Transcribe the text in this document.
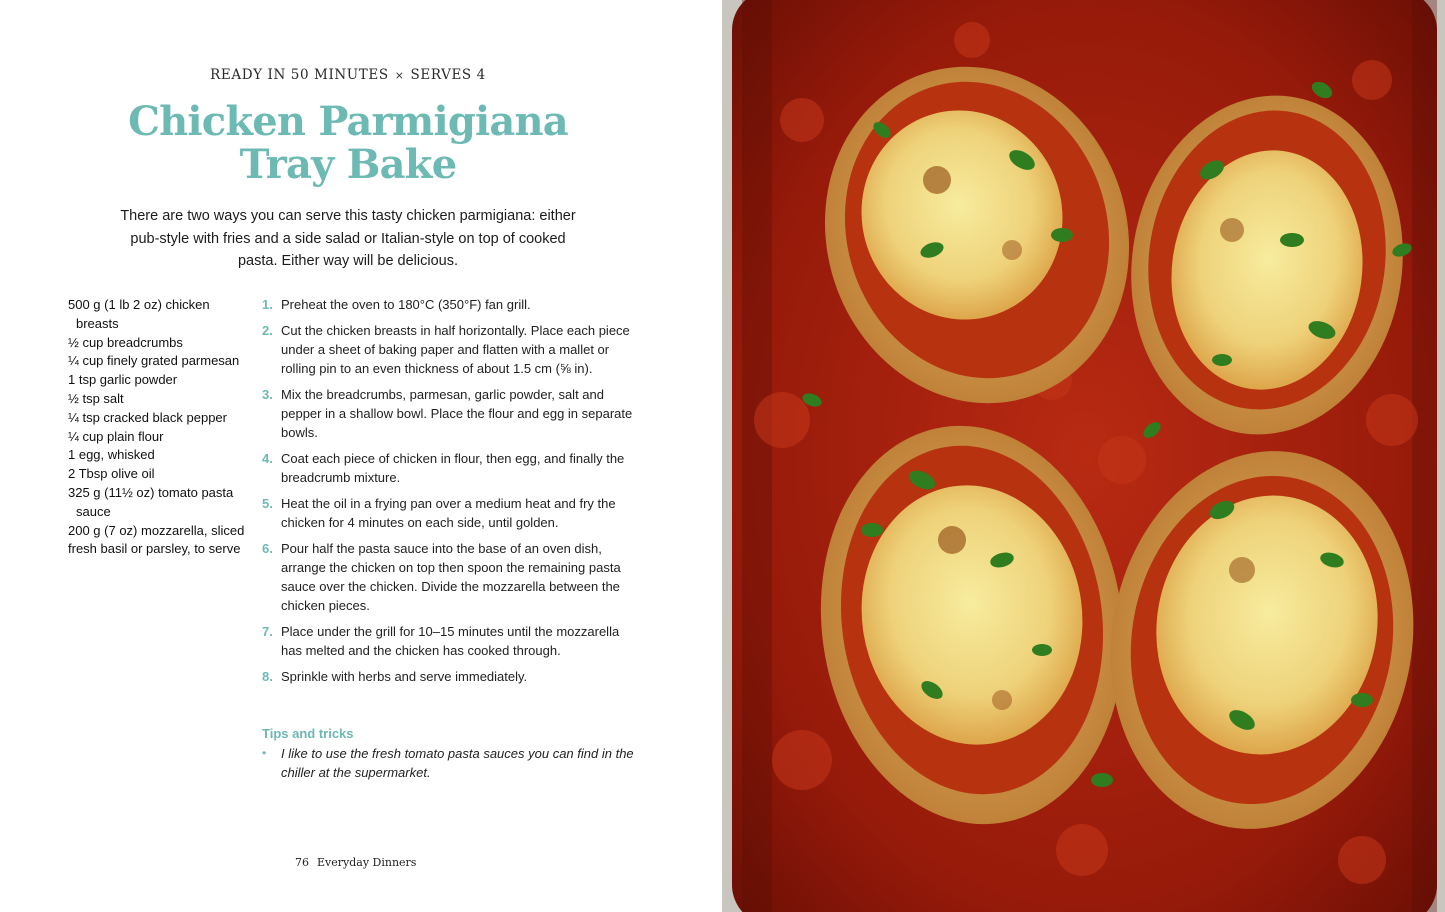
READY IN 50 MINUTES × SERVES 4
Chicken Parmigiana
Tray Bake

There are two ways you can serve this tasty chicken parmigiana: either pub-style with fries and a side salad or Italian-style on top of cooked pasta. Either way will be delicious.

500 g (1 lb 2 oz) chicken breasts
½ cup breadcrumbs
¼ cup finely grated parmesan
1 tsp garlic powder
½ tsp salt
¼ tsp cracked black pepper
¼ cup plain flour
1 egg, whisked
2 Tbsp olive oil
325 g (11½ oz) tomato pasta sauce
200 g (7 oz) mozzarella, sliced
fresh basil or parsley, to serve
1. Preheat the oven to 180°C (350°F) fan grill.
2. Cut the chicken breasts in half horizontally. Place each piece under a sheet of baking paper and flatten with a mallet or rolling pin to an even thickness of about 1.5 cm (⅝ in).
3. Mix the breadcrumbs, parmesan, garlic powder, salt and pepper in a shallow bowl. Place the flour and egg in separate bowls.
4. Coat each piece of chicken in flour, then egg, and finally the breadcrumb mixture.
5. Heat the oil in a frying pan over a medium heat and fry the chicken for 4 minutes on each side, until golden.
6. Pour half the pasta sauce into the base of an oven dish, arrange the chicken on top then spoon the remaining pasta sauce over the chicken. Divide the mozzarella between the chicken pieces.
7. Place under the grill for 10–15 minutes until the mozzarella has melted and the chicken has cooked through.
8. Sprinkle with herbs and serve immediately.
Tips and tricks
•	I like to use the fresh tomato pasta sauces you can find in the chiller at the supermarket.
76 Everyday Dinners
